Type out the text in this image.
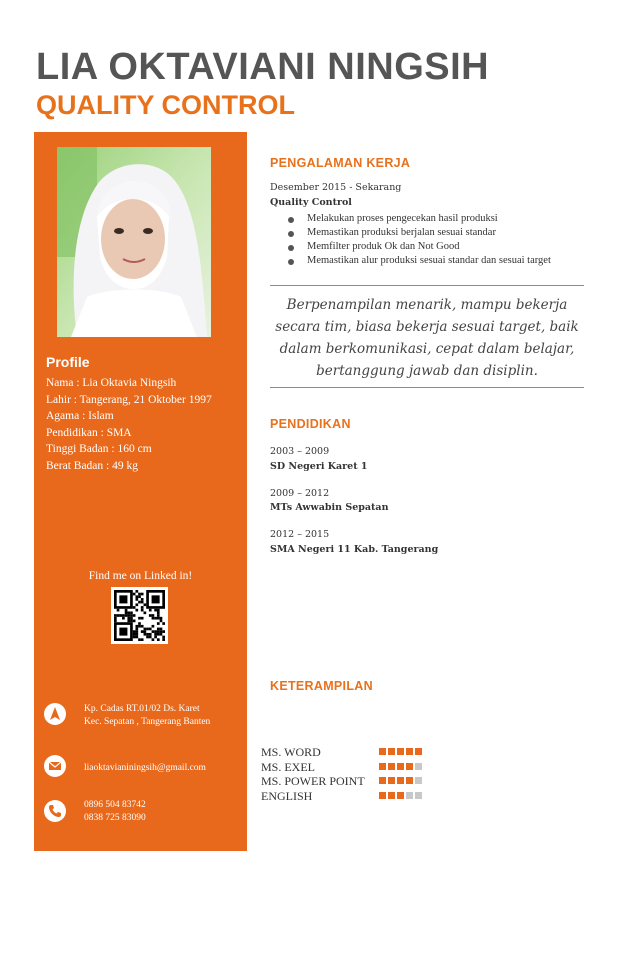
LIA OKTAVIANI NINGSIH
QUALITY CONTROL
Profile
Nama : Lia Oktavia Ningsih
Lahir : Tangerang, 21 Oktober 1997
Agama : Islam
Pendidikan : SMA
Tinggi Badan : 160 cm
Berat Badan : 49 kg
Find me on Linked in!
Kp. Cadas RT.01/02 Ds. Karet
Kec. Sepatan , Tangerang Banten
liaoktavianiningsih@gmail.com
0896 504 83742
0838 725 83090
PENGALAMAN KERJA
Desember 2015 - Sekarang
Quality Control
Melakukan proses pengecekan hasil produksi
Memastikan produksi berjalan sesuai standar
Memfilter produk Ok dan Not Good
Memastikan alur produksi sesuai standar dan sesuai target
Berpenampilan menarik, mampu bekerja secara tim, biasa bekerja sesuai target, baik dalam berkomunikasi, cepat dalam belajar, bertanggung jawab dan disiplin.
PENDIDIKAN
2003 – 2009
SD Negeri Karet 1
2009 – 2012
MTs Awwabin Sepatan
2012 – 2015
SMA Negeri 11 Kab. Tangerang
KETERAMPILAN
MS. WORD
MS. EXEL
MS. POWER POINT
ENGLISH
